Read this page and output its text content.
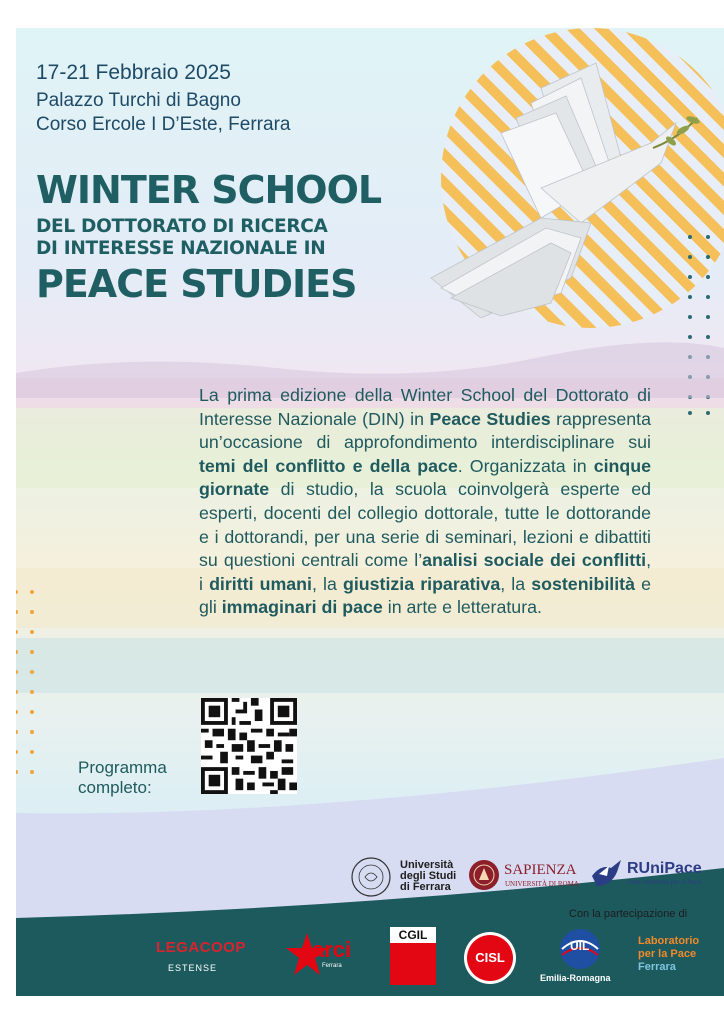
17-21 Febbraio 2025
Palazzo Turchi di Bagno
Corso Ercole I D’Este, Ferrara
WINTER SCHOOL
DEL DOTTORATO DI RICERCA
DI INTERESSE NAZIONALE IN
PEACE STUDIES
La prima edizione della Winter School del Dottorato di Interesse Nazionale (DIN) in Peace Studies rappresenta un’occasione di approfondimento interdisciplinare sui temi del conflitto e della pace. Organizzata in cinque giornate di studio, la scuola coinvolgerà esperte ed esperti, docenti del collegio dottorale, tutte le dottorande e i dottorandi, per una serie di seminari, lezioni e dibattiti su questioni centrali come l’analisi sociale dei conflitti, i diritti umani, la giustizia riparativa, la sostenibilità e gli immaginari di pace in arte e letteratura.
Programma
completo:
Università
degli Studi
di Ferrara
SAPIENZA
UNIVERSITÀ DI ROMA
RUniPace
Rete Università per la Pace
Con la partecipazione di
LEGACOOP
ESTENSE
arci
Ferrara
CGIL
CISL
UIL
Emilia-Romagna
Laboratorio
per la Pace
Ferrara
